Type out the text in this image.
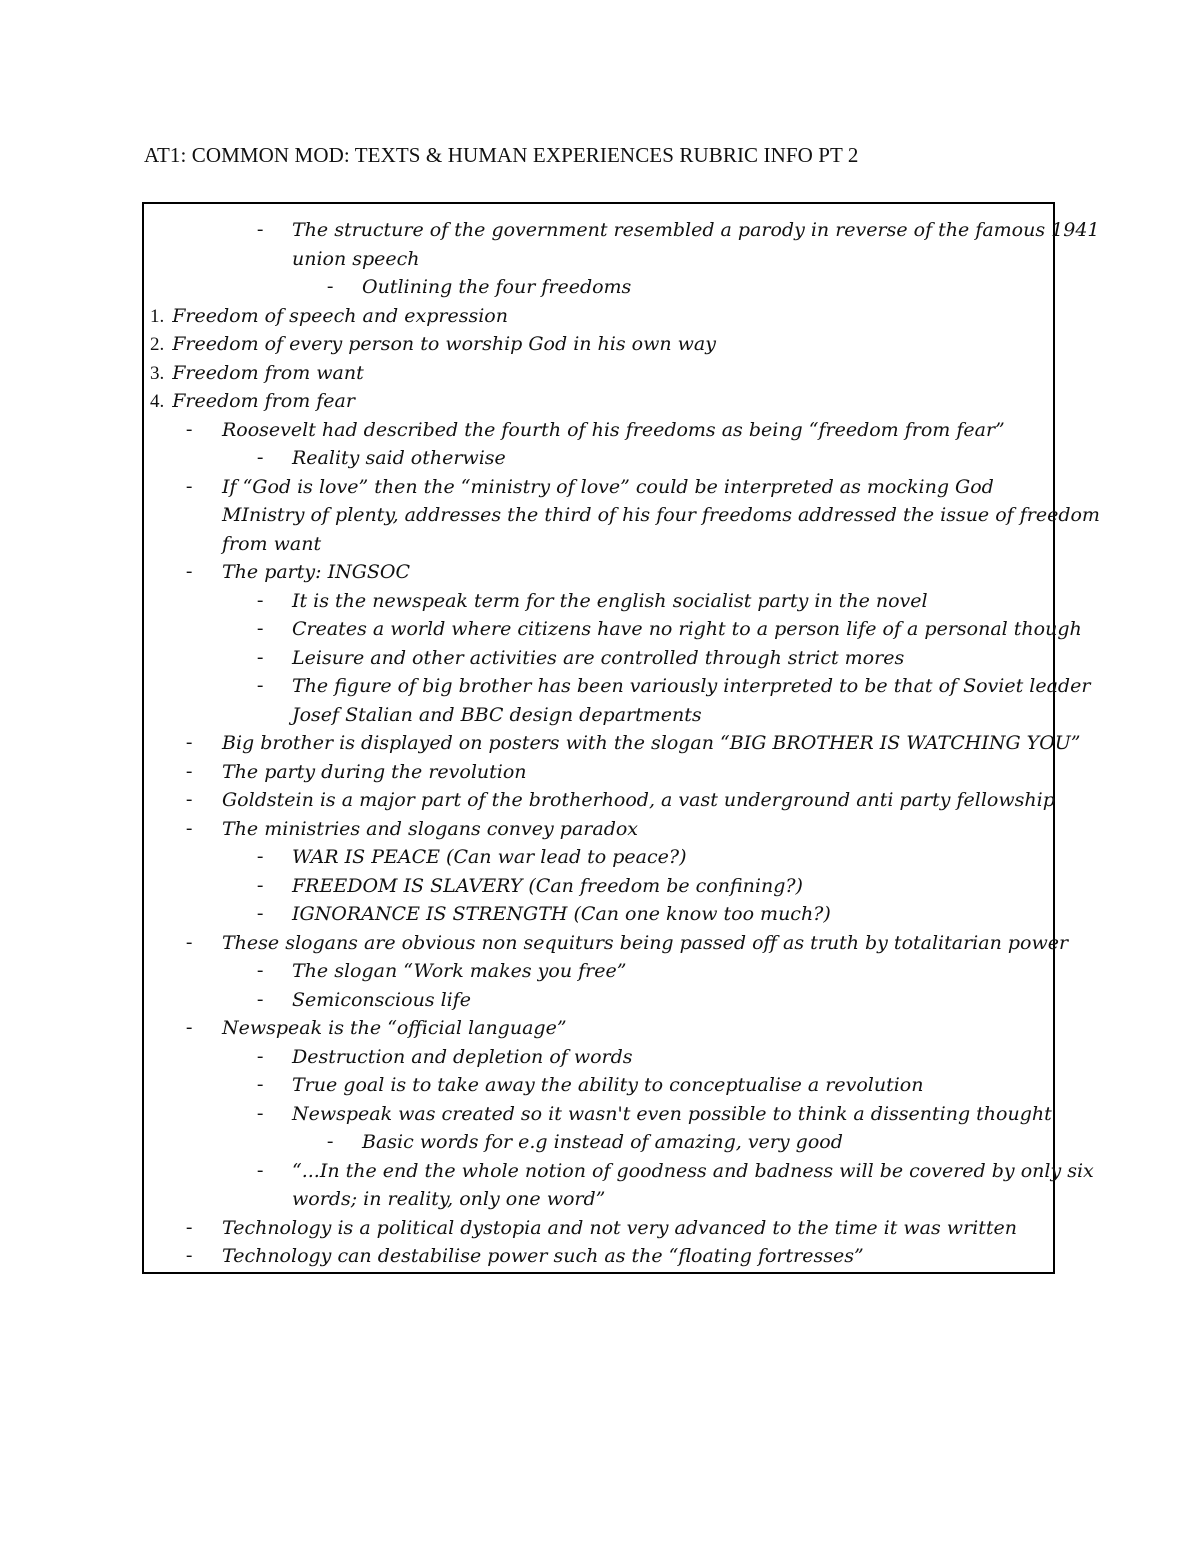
AT1: COMMON MOD: TEXTS & HUMAN EXPERIENCES RUBRIC INFO PT 2
- The structure of the government resembled a parody in reverse of the famous 1941
union speech
- Outlining the four freedoms
1. Freedom of speech and expression
2. Freedom of every person to worship God in his own way
3. Freedom from want
4. Freedom from fear
- Roosevelt had described the fourth of his freedoms as being “freedom from fear”
- Reality said otherwise
- If “God is love” then the “ministry of love” could be interpreted as mocking God
MInistry of plenty, addresses the third of his four freedoms addressed the issue of freedom
from want
- The party: INGSOC
- It is the newspeak term for the english socialist party in the novel
- Creates a world where citizens have no right to a person life of a personal though
- Leisure and other activities are controlled through strict mores
- The figure of big brother has been variously interpreted to be that of Soviet leader
Josef Stalian and BBC design departments
- Big brother is displayed on posters with the slogan “BIG BROTHER IS WATCHING YOU”
- The party during the revolution
- Goldstein is a major part of the brotherhood, a vast underground anti party fellowship
- The ministries and slogans convey paradox
- WAR IS PEACE (Can war lead to peace?)
- FREEDOM IS SLAVERY (Can freedom be confining?)
- IGNORANCE IS STRENGTH (Can one know too much?)
- These slogans are obvious non sequiturs being passed off as truth by totalitarian power
- The slogan “Work makes you free”
- Semiconscious life
- Newspeak is the “official language”
- Destruction and depletion of words
- True goal is to take away the ability to conceptualise a revolution
- Newspeak was created so it wasn't even possible to think a dissenting thought
- Basic words for e.g instead of amazing, very good
- “...In the end the whole notion of goodness and badness will be covered by only six
words; in reality, only one word”
- Technology is a political dystopia and not very advanced to the time it was written
- Technology can destabilise power such as the “floating fortresses”
